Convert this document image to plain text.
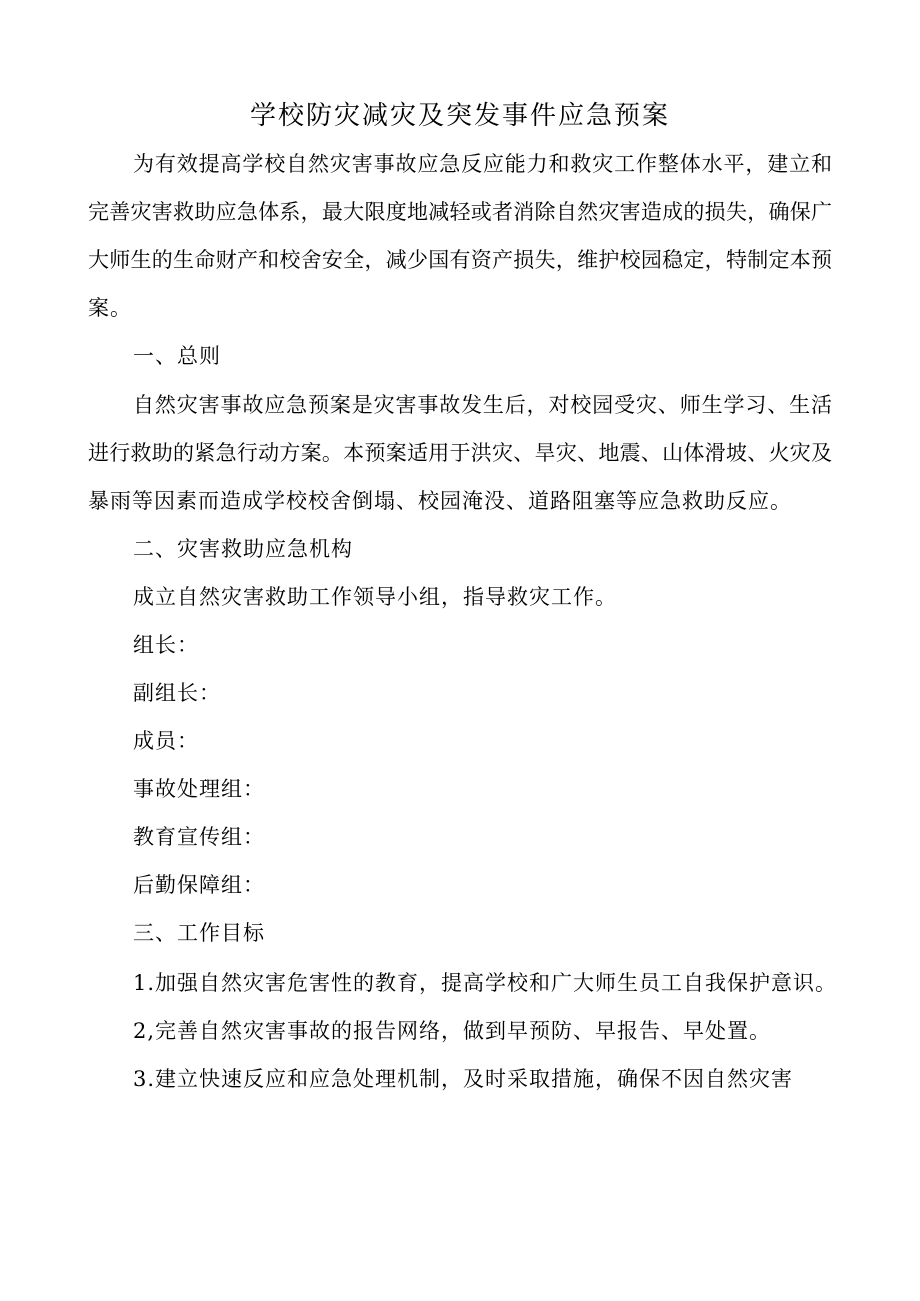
学校防灾减灾及突发事件应急预案
为有效提高学校自然灾害事故应急反应能力和救灾工作整体水平，建立和
完善灾害救助应急体系，最大限度地减轻或者消除自然灾害造成的损失，确保广
大师生的生命财产和校舍安全，减少国有资产损失，维护校园稳定，特制定本预
案。
一、总则
自然灾害事故应急预案是灾害事故发生后，对校园受灾、师生学习、生活
进行救助的紧急行动方案。本预案适用于洪灾、旱灾、地震、山体滑坡、火灾及
暴雨等因素而造成学校校舍倒塌、校园淹没、道路阻塞等应急救助反应。
二、灾害救助应急机构
成立自然灾害救助工作领导小组，指导救灾工作。
组长：
副组长：
成员：
事故处理组：
教育宣传组：
后勤保障组：
三、工作目标
1.加强自然灾害危害性的教育，提高学校和广大师生员工自我保护意识。
2,完善自然灾害事故的报告网络，做到早预防、早报告、早处置。
3.建立快速反应和应急处理机制，及时采取措施，确保不因自然灾害
